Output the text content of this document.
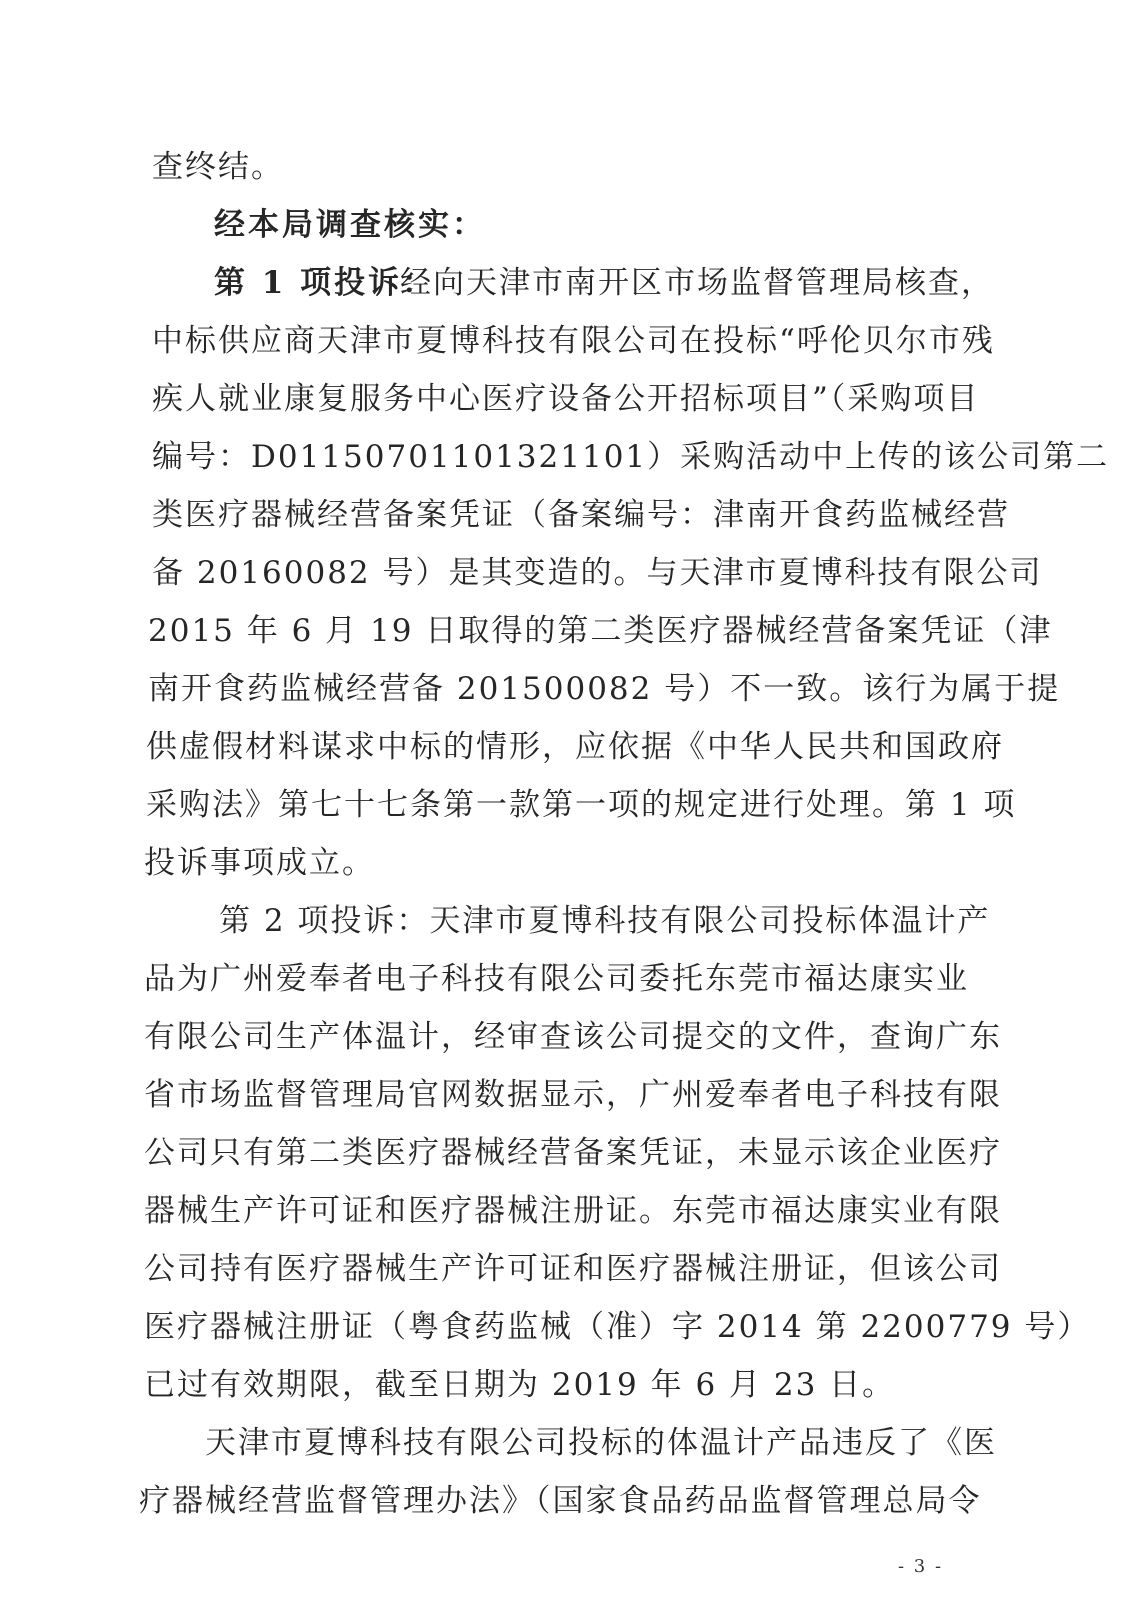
查终结。
经本局调查核实：
第 1 项投诉：
经向天津市南开区市场监督管理局核查，
中标供应商天津市夏博科技有限公司在投标“呼伦贝尔市残
疾人就业康复服务中心医疗设备公开招标项目”（采购项目
编号：D0115070110132​1101）采购活动中上传的该公司第二
类医疗器械经营备案凭证（备案编号：津南开食药监械经营
备 20160082 号）是其变造的。与天津市夏博科技有限公司
2015 年 6 月 19 日取得的第二类医疗器械经营备案凭证（津
南开食药监械经营备 201500082 号）不一致。该行为属于提
供虚假材料谋求中标的情形，应依据《中华人民共和国政府
采购法》第七十七条第一款第一项的规定进行处理。第 1 项
投诉事项成立。
第 2 项投诉：天津市夏博科技有限公司投标体温计产
品为广州爱奉者电子科技有限公司委托东莞市福达康实业
有限公司生产体温计，经审查该公司提交的文件，查询广东
省市场监督管理局官网数据显示，广州爱奉者电子科技有限
公司只有第二类医疗器械经营备案凭证，未显示该企业医疗
器械生产许可证和医疗器械注册证。东莞市福达康实业有限
公司持有医疗器械生产许可证和医疗器械注册证，但该公司
医疗器械注册证（粤食药监械（准）字 2014 第 2200779 号）
已过有效期限，截至日期为 2019 年 6 月 23 日。
天津市夏博科技有限公司投标的体温计产品违反了《医
疗器械经营监督管理办法》（国家食品药品监督管理总局令
- 3 -
